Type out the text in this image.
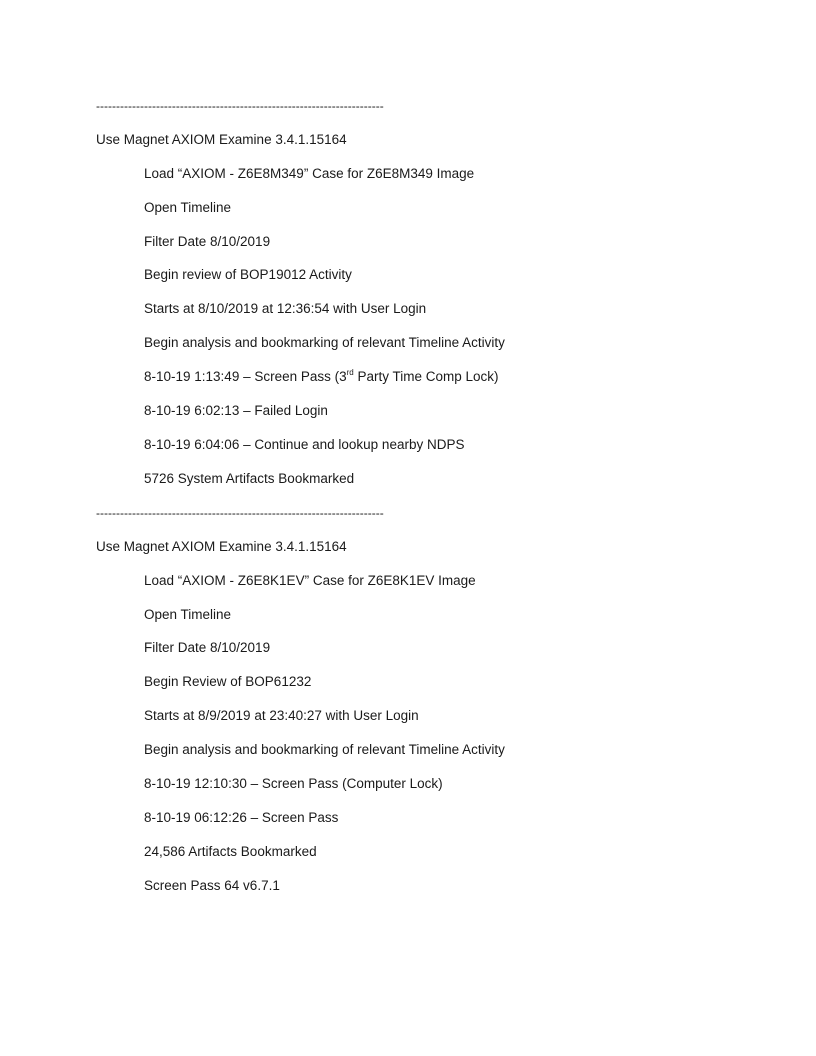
------------------------------------------------------------------------
Use Magnet AXIOM Examine 3.4.1.15164
Load “AXIOM - Z6E8M349” Case for Z6E8M349 Image
Open Timeline
Filter Date 8/10/2019
Begin review of BOP19012 Activity
Starts at 8/10/2019 at 12:36:54 with User Login
Begin analysis and bookmarking of relevant Timeline Activity
8-10-19 1:13:49 – Screen Pass (3rd Party Time Comp Lock)
8-10-19 6:02:13 – Failed Login
8-10-19 6:04:06 – Continue and lookup nearby NDPS
5726 System Artifacts Bookmarked
------------------------------------------------------------------------
Use Magnet AXIOM Examine 3.4.1.15164
Load “AXIOM - Z6E8K1EV” Case for Z6E8K1EV Image
Open Timeline
Filter Date 8/10/2019
Begin Review of BOP61232
Starts at 8/9/2019 at 23:40:27 with User Login
Begin analysis and bookmarking of relevant Timeline Activity
8-10-19 12:10:30 – Screen Pass (Computer Lock)
8-10-19 06:12:26 – Screen Pass
24,586 Artifacts Bookmarked
Screen Pass 64 v6.7.1
